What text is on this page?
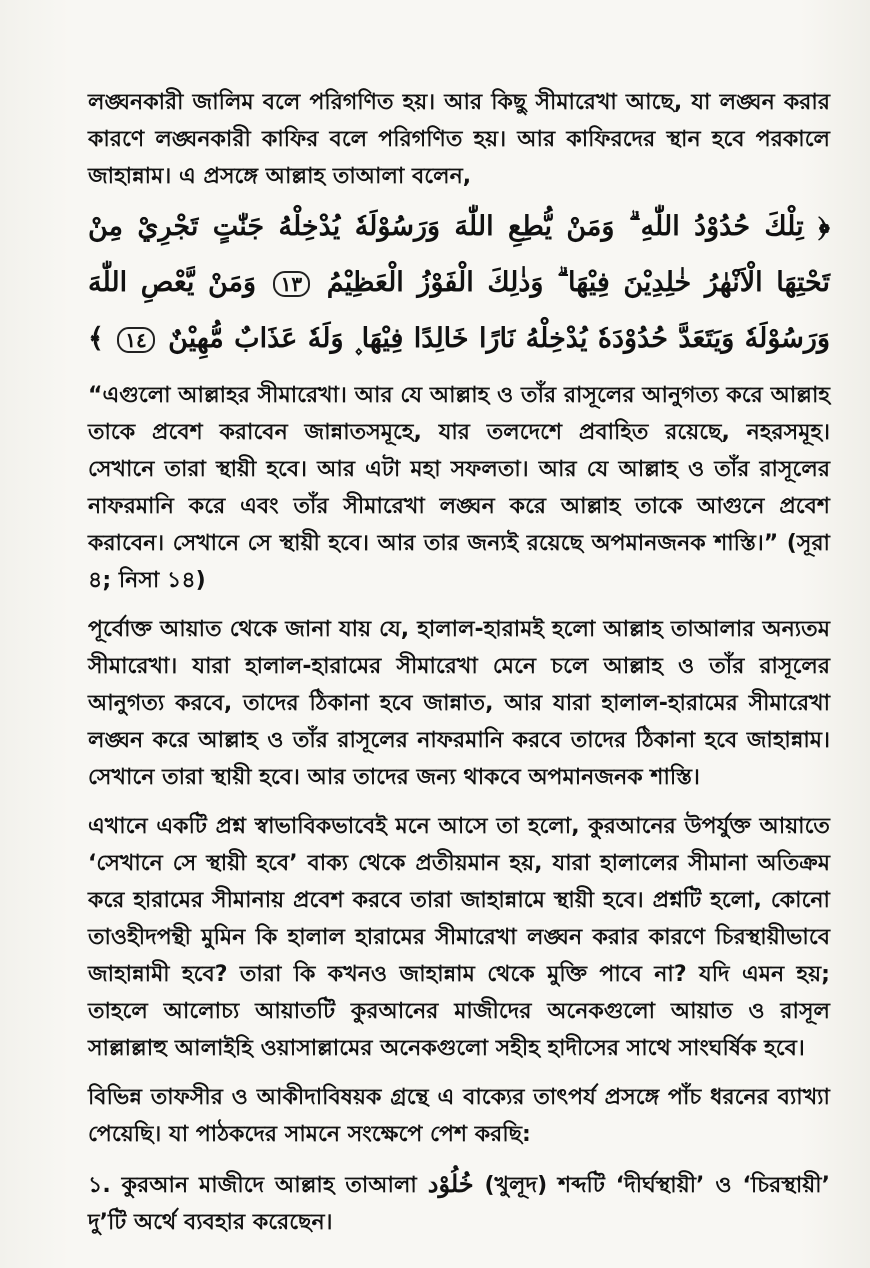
লঙ্ঘনকারী জালিম বলে পরিগণিত হয়। আর কিছু সীমারেখা আছে, যা লঙ্ঘন করার কারণে লঙ্ঘনকারী কাফির বলে পরিগণিত হয়। আর কাফিরদের স্থান হবে পরকালে জাহান্নাম। এ প্রসঙ্গে আল্লাহ তাআলা বলেন,

﴿ تِلْكَ حُدُوْدُ اللّٰهِ ۗ وَمَنْ يُّطِعِ اللّٰهَ وَرَسُوْلَهٗ يُدْخِلْهُ جَنّٰتٍ تَجْرِيْ مِنْ تَحْتِهَا الْاَنْهٰرُ خٰلِدِيْنَ فِيْهَا ۗ وَذٰلِكَ الْفَوْزُ الْعَظِيْمُ ١٣ وَمَنْ يَّعْصِ اللّٰهَ وَرَسُوْلَهٗ وَيَتَعَدَّ حُدُوْدَهٗ يُدْخِلْهُ نَارًا خَالِدًا فِيْهَا ۪ وَلَهٗ عَذَابٌ مُّهِيْنٌ ١٤ ﴾

“এগুলো আল্লাহর সীমারেখা। আর যে আল্লাহ ও তাঁর রাসূলের আনুগত্য করে আল্লাহ তাকে প্রবেশ করাবেন জান্নাতসমূহে, যার তলদেশে প্রবাহিত রয়েছে, নহরসমূহ। সেখানে তারা স্থায়ী হবে। আর এটা মহা সফলতা। আর যে আল্লাহ ও তাঁর রাসূলের নাফরমানি করে এবং তাঁর সীমারেখা লঙ্ঘন করে আল্লাহ তাকে আগুনে প্রবেশ করাবেন। সেখানে সে স্থায়ী হবে। আর তার জন্যই রয়েছে অপমানজনক শাস্তি।” (সূরা ৪; নিসা ১৪)

পূর্বোক্ত আয়াত থেকে জানা যায় যে, হালাল-হারামই হলো আল্লাহ তাআলার অন্যতম সীমারেখা। যারা হালাল-হারামের সীমারেখা মেনে চলে আল্লাহ ও তাঁর রাসূলের আনুগত্য করবে, তাদের ঠিকানা হবে জান্নাত, আর যারা হালাল-হারামের সীমারেখা লঙ্ঘন করে আল্লাহ ও তাঁর রাসূলের নাফরমানি করবে তাদের ঠিকানা হবে জাহান্নাম। সেখানে তারা স্থায়ী হবে। আর তাদের জন্য থাকবে অপমানজনক শাস্তি।

এখানে একটি প্রশ্ন স্বাভাবিকভাবেই মনে আসে তা হলো, কুরআনের উপর্যুক্ত আয়াতে ‘সেখানে সে স্থায়ী হবে’ বাক্য থেকে প্রতীয়মান হয়, যারা হালালের সীমানা অতিক্রম করে হারামের সীমানায় প্রবেশ করবে তারা জাহান্নামে স্থায়ী হবে। প্রশ্নটি হলো, কোনো তাওহীদপন্থী মুমিন কি হালাল হারামের সীমারেখা লঙ্ঘন করার কারণে চিরস্থায়ীভাবে জাহান্নামী হবে? তারা কি কখনও জাহান্নাম থেকে মুক্তি পাবে না? যদি এমন হয়; তাহলে আলোচ্য আয়াতটি কুরআনের মাজীদের অনেকগুলো আয়াত ও রাসূল সাল্লাল্লাহু আলাইহি ওয়াসাল্লামের অনেকগুলো সহীহ হাদীসের সাথে সাংঘর্ষিক হবে।

বিভিন্ন তাফসীর ও আকীদাবিষয়ক গ্রন্থে এ বাক্যের তাৎপর্য প্রসঙ্গে পাঁচ ধরনের ব্যাখ্যা পেয়েছি। যা পাঠকদের সামনে সংক্ষেপে পেশ করছি:

১. কুরআন মাজীদে আল্লাহ তাআলা خُلُوْد (খুলূদ) শব্দটি ‘দীর্ঘস্থায়ী’ ও ‘চিরস্থায়ী’ দু’টি অর্থে ব্যবহার করেছেন।
